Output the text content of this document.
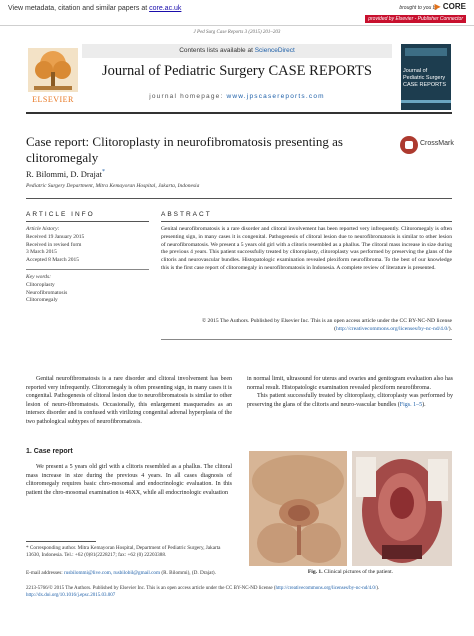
View metadata, citation and similar papers at core.ac.uk	brought to you by
▶ CORE
provided by Elsevier - Publisher Connector
J Ped Surg Case Reports 3 (2015) 201–203
ELSEVIER
Contents lists available at ScienceDirect
Journal of Pediatric Surgery CASE REPORTS
journal homepage: www.jpscasereports.com
Journal of Pediatric Surgery CASE REPORTS
Case report: Clitoroplasty in neurofibromatosis presenting as clitoromegaly
CrossMark
R. Bilommi, D. Drajat*
Pediatric Surgery Department, Mitra Kemayoran Hospital, Jakarta, Indonesia
ARTICLE INFO	ABSTRACT
Article history:
Received 19 January 2015
Received in revised form
3 March 2015
Accepted 8 March 2015
Key words:
Clitoroplasty
Neurofibromatosis
Clitoromegaly
Genital neurofibromatosis is a rare disorder and clitoral involvement has been reported very infrequently. Clitoromegaly is often presenting sign, in many cases it is congenital. Pathogenesis of clitoral lesion due to neurofibromatosis is similar to other lesion of neurofibromatosis. We present a 5 years old girl with a clitoris resembled as a phallus. The clitoral mass increase in size during the previous 4 years. This patient successfully treated by clitoroplasty, clitoroplasty was performed by preserving the glans of the clitoris and neurovascular bundles. Histopatologic examination revealed plexiform neurofibroma. To the best of our knowledge this is the first case report of clitoromegaly in neurofibromatosis in Indonesia. A complete review of literature is presented.
© 2015 The Authors. Published by Elsevier Inc. This is an open access article under the CC BY-NC-ND license (http://creativecommons.org/licenses/by-nc-nd/4.0/).
Genital neurofibromatosis is a rare disorder and clitoral involvement has been reported very infrequently. Clitoromegaly is often presenting sign, in many cases it is congenital. Pathogenesis of clitoral lesion due to neurofibromatosis is similar to other lesion of neuro-fibromatosis. Occasionally, this enlargement masquerades as an intersex disorder and is confused with virilizing congenital adrenal hyperplasia of the two pathological subtypes of neurofibromatosis.
in normal limit, ultrasound for uterus and ovaries and genitogram evaluation also has normal result. Histopatologic examination revealed plexiform neurofibroma.
This patient successfully treated by clitoroplasty, clitoroplasty was performed by preserving the glans of the clitoris and neuro-vascular bundles (Figs. 1–5).
1. Case report
We present a 5 years old girl with a clitoris resembled as a phallus. The clitoral mass increase in size during the previous 4 years. In all cases diagnosis of clitoromegaly requires basic chro-mosomal and endocrinologic evaluation. In this patient the chro-mosomal examination is 46XX, while all endocrinologic evaluation
Fig. 1. Clinical pictures of the patient.
* Corresponding author. Mitra Kemayoran Hospital, Department of Pediatric Surgery, Jakarta 13630, Indonesia. Tel.: +62 (0)81(2228217; fax: +62 (0) 22203388.
E-mail addresses: rusbilommi@live.com, rusbilobil@gmail.com (R. Bilommi), (D. Drajat).
2213-5766/© 2015 The Authors. Published by Elsevier Inc. This is an open access article under the CC BY-NC-ND license (http://creativecommons.org/licenses/by-nc-nd/4.0/).
http://dx.doi.org/10.1016/j.epsc.2015.03.007
